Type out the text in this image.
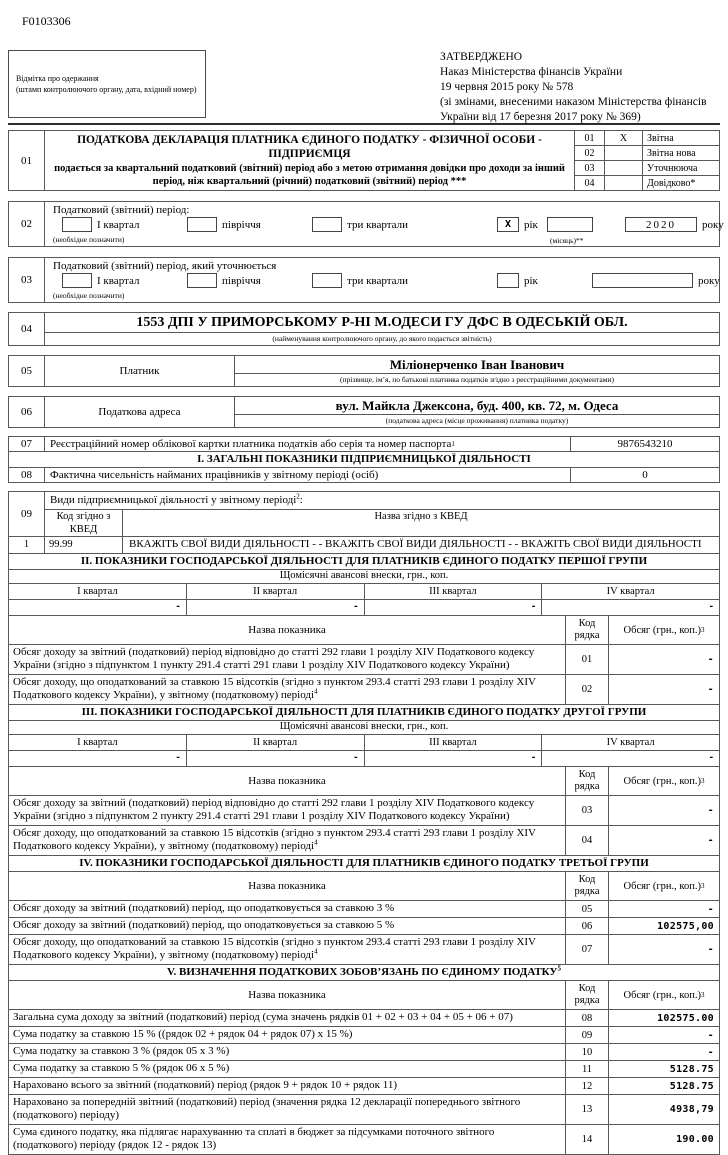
F0103306
Відмітка про одержання
(штамп контролюючого органу, дата, вхідний номер)
ЗАТВЕРДЖЕНО
Наказ Міністерства фінансів України
19 червня 2015 року № 578
(зі змінами, внесеними наказом Міністерства фінансів
України від 17 березня 2017 року № 369)
01
ПОДАТКОВА ДЕКЛАРАЦІЯ ПЛАТНИКА ЄДИНОГО ПОДАТКУ - ФІЗИЧНОЇ ОСОБИ - ПІДПРИЄМЦЯ
подається за квартальний податковий (звітний) період або з метою отримання довідки про доходи за інший період, ніж квартальний (річний) податковий (звітний) період ***
01	X	Звітна
02	Звітна нова
03	Уточнююча
04	Довідково*
02
Податковий (звітний) період:
І квартал	півріччя	три квартали	X	рік	2020	року
(необхідне позначити)	(місяць)**
03
Податковий (звітний) період, який уточнюється
І квартал	півріччя	три квартали	рік	року
(необхідне позначити)
04	1553 ДПІ У ПРИМОРСЬКОМУ Р-НІ М.ОДЕСИ ГУ ДФС В ОДЕСЬКІЙ ОБЛ.
(найменування контролюючого органу, до якого подається звітність)
05	Платник	Міліонерченко Іван Іванович
(прізвище, ім’я, по батькові платника податків згідно з реєстраційними документами)
06	Податкова адреса	вул. Майкла Джексона, буд. 400, кв. 72, м. Одеса
(податкова адреса (місце проживання) платника податку)
07	Реєстраційний номер облікової картки платника податків або серія та номер паспорта 1	9876543210
І. ЗАГАЛЬНІ ПОКАЗНИКИ ПІДПРИЄМНИЦЬКОЇ ДІЯЛЬНОСТІ
08	Фактична чисельність найманих працівників у звітному періоді (осіб)	0
09
Види підприємницької діяльності у звітному періоді$^2$:
Код згідно з КВЕД
Назва згідно з КВЕД
1	99.99	ВКАЖІТЬ СВОЇ ВИДИ ДІЯЛЬНОСТІ - - ВКАЖІТЬ СВОЇ ВИДИ ДІЯЛЬНОСТІ - - ВКАЖІТЬ СВОЇ ВИДИ ДІЯЛЬНОСТІ
ІІ. ПОКАЗНИКИ ГОСПОДАРСЬКОЇ ДІЯЛЬНОСТІ ДЛЯ ПЛАТНИКІВ ЄДИНОГО ПОДАТКУ ПЕРШОЇ ГРУПИ
Щомісячні авансові внески, грн., коп.
І квартал	ІІ квартал	ІІІ квартал	IV квартал
-	-	-	-
Назва показника
Код рядка	Обсяг (грн., коп.) 3
Обсяг доходу за звітний (податковий) період відповідно до статті 292 глави 1 розділу XIV Податкового кодексу України (згідно з підпунктом 1 пункту 291.4 статті 291 глави 1 розділу XIV Податкового кодексу України)	01	-
Обсяг доходу, що оподаткований за ставкою 15 відсотків (згідно з пунктом 293.4 статті 293 глави 1 розділу XIV Податкового кодексу України), у звітному (податковому) періоді$^4$	02	-
ІІІ. ПОКАЗНИКИ ГОСПОДАРСЬКОЇ ДІЯЛЬНОСТІ ДЛЯ ПЛАТНИКІВ ЄДИНОГО ПОДАТКУ ДРУГОЇ ГРУПИ
Щомісячні авансові внески, грн., коп.
І квартал	ІІ квартал	ІІІ квартал	IV квартал
-	-	-	-
Назва показника
Код рядка	Обсяг (грн., коп.) 3
Обсяг доходу за звітний (податковий) період відповідно до статті 292 глави 1 розділу XIV Податкового кодексу України (згідно з підпунктом 2 пункту 291.4 статті 291 глави 1 розділу XIV Податкового кодексу України)	03	-
Обсяг доходу, що оподаткований за ставкою 15 відсотків (згідно з пунктом 293.4 статті 293 глави 1 розділу XIV Податкового кодексу України), у звітному (податковому) періоді$^4$	04	-
ІV. ПОКАЗНИКИ ГОСПОДАРСЬКОЇ ДІЯЛЬНОСТІ ДЛЯ ПЛАТНИКІВ ЄДИНОГО ПОДАТКУ ТРЕТЬОЇ ГРУПИ
Назва показника
Код рядка	Обсяг (грн., коп.) 3
Обсяг доходу за звітний (податковий) період, що оподатковується за ставкою 3 %	05	-
Обсяг доходу за звітний (податковий) період, що оподатковується за ставкою 5 %	06	102575,00
Обсяг доходу, що оподаткований за ставкою 15 відсотків (згідно з пунктом 293.4 статті 293 глави 1 розділу XIV Податкового кодексу України), у звітному (податковому) періоді$^4$	07	-
V. ВИЗНАЧЕННЯ ПОДАТКОВИХ ЗОБОВ’ЯЗАНЬ ПО ЄДИНОМУ ПОДАТКУ$^5$
Назва показника
Код рядка	Обсяг (грн., коп.) 3
Загальна сума доходу за звітний (податковий) період (сума значень рядків 01 + 02 + 03 + 04 + 05 + 06 + 07)	08	102575.00
Сума податку за ставкою 15 % ((рядок 02 + рядок 04 + рядок 07) х 15 %)	09	-
Сума податку за ставкою 3 % (рядок 05 х 3 %)	10	-
Сума податку за ставкою 5 % (рядок 06 х 5 %)	11	5128.75
Нараховано всього за звітний (податковий) період (рядок 9 + рядок 10 + рядок 11)	12	5128.75
Нараховано за попередній звітний (податковий) період (значення рядка 12 декларації попереднього звітного (податкового) періоду)	13	4938,79
Сума єдиного податку, яка підлягає нарахуванню та сплаті в бюджет за підсумками поточного звітного (податкового) періоду (рядок 12 - рядок 13)	14	190.00
